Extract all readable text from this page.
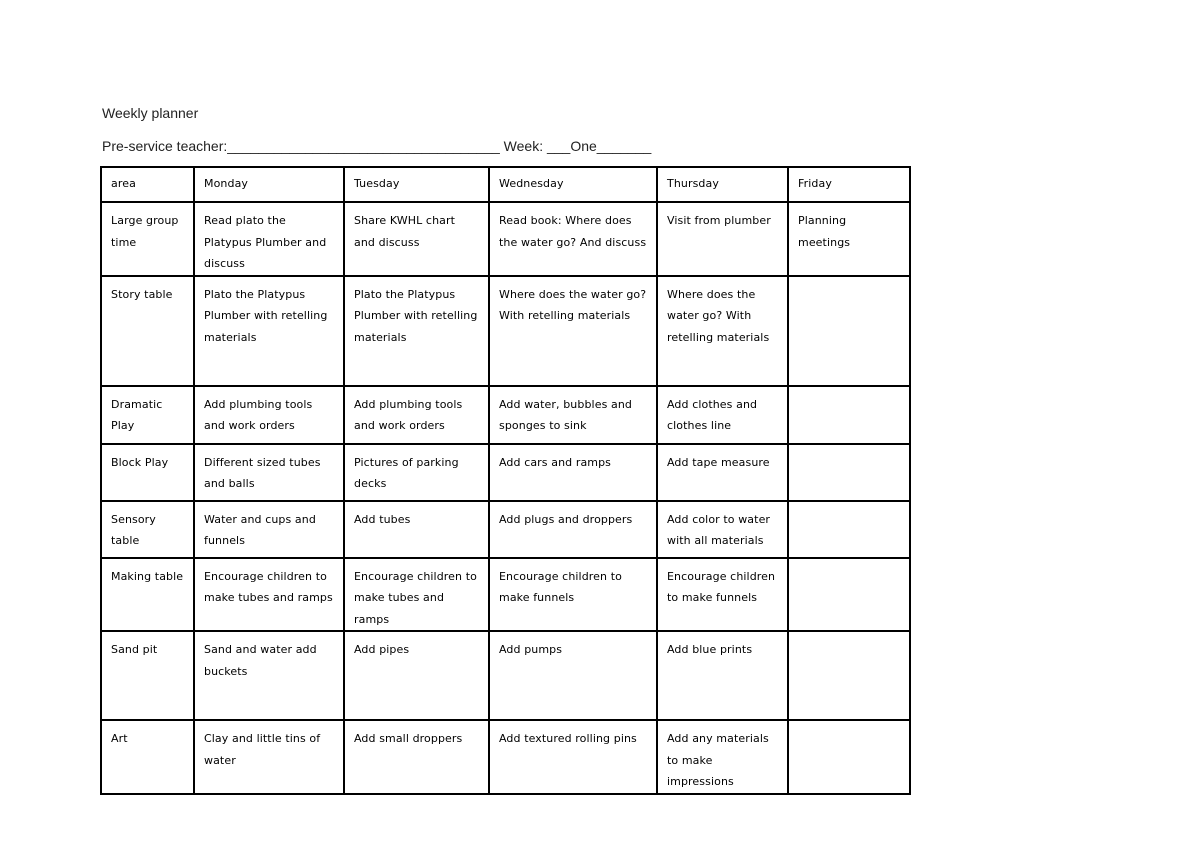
Weekly planner
Pre-service teacher:___________________________________ Week: ___One_______
area	Monday	Tuesday	Wednesday	Thursday	Friday
Large group time	Read plato the Platypus Plumber and discuss	Share KWHL chart and discuss	Read book: Where does the water go? And discuss	Visit from plumber	Planning meetings
Story table	Plato the Platypus Plumber with retelling materials	Plato the Platypus Plumber with retelling materials	Where does the water go? With retelling materials	Where does the water go? With retelling materials	
Dramatic Play	Add plumbing tools and work orders	Add plumbing tools and work orders	Add water, bubbles and sponges to sink	Add clothes and clothes line	
Block Play	Different sized tubes and balls	Pictures of parking decks	Add cars and ramps	Add tape measure	
Sensory table	Water and cups and funnels	Add tubes	Add plugs and droppers	Add color to water with all materials	
Making table	Encourage children to make tubes and ramps	Encourage children to make tubes and ramps	Encourage children to make funnels	Encourage children to make funnels	
Sand pit	Sand and water add buckets	Add pipes	Add pumps	Add blue prints	
Art	Clay and little tins of water	Add small droppers	Add textured rolling pins	Add any materials to make impressions	
